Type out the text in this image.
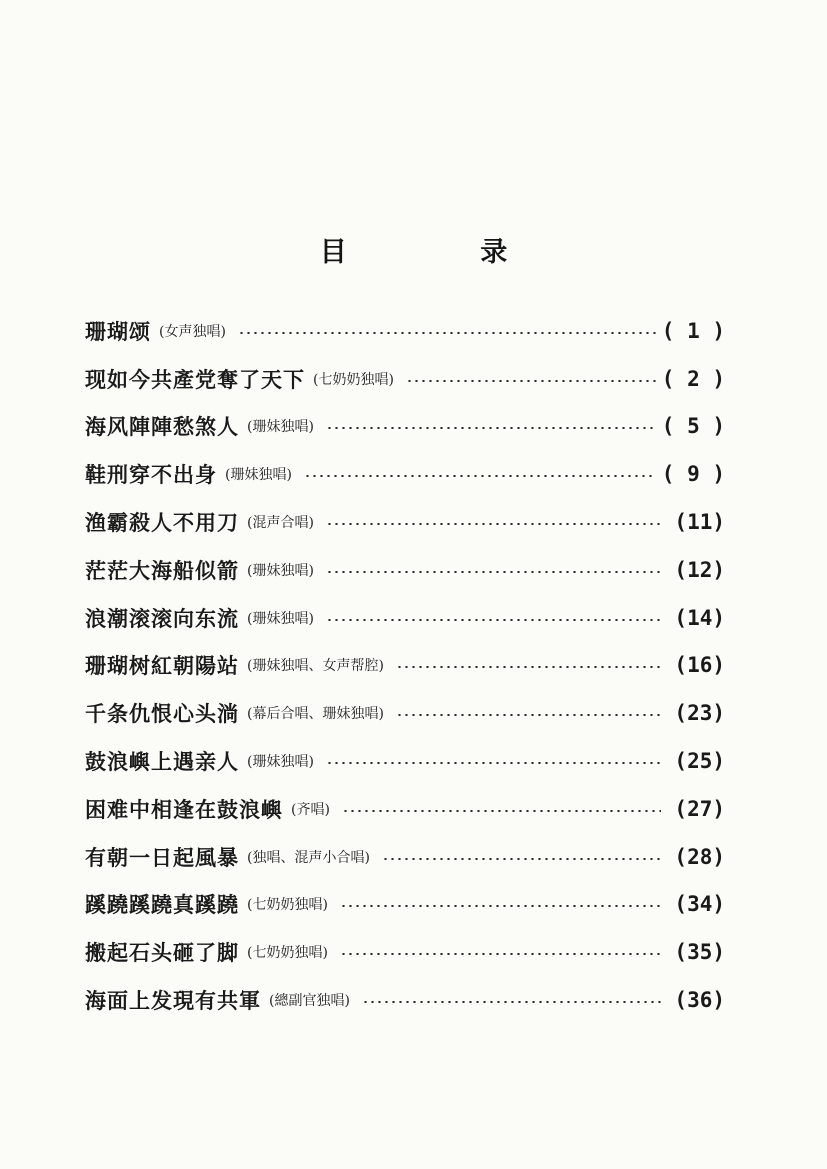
目 录
珊瑚颂 (女声独唱)	( 1 )
现如今共產党奪了天下 (七奶奶独唱)	( 2 )
海风陣陣愁煞人 (珊妹独唱)	( 5 )
鞋刑穿不出身 (珊妹独唱)	( 9 )
渔霸殺人不用刀 (混声合唱)	(11)
茫茫大海船似箭 (珊妹独唱)	(12)
浪潮滚滚向东流 (珊妹独唱)	(14)
珊瑚树紅朝陽站 (珊妹独唱、女声帮腔)	(16)
千条仇恨心头淌 (幕后合唱、珊妹独唱)	(23)
鼓浪嶼上遇亲人 (珊妹独唱)	(25)
困难中相逢在鼓浪嶼 (齐唱)	(27)
有朝一日起風暴 (独唱、混声小合唱)	(28)
蹊蹺蹊蹺真蹊蹺 (七奶奶独唱)	(34)
搬起石头砸了脚 (七奶奶独唱)	(35)
海面上发現有共軍 (總副官独唱)	(36)
